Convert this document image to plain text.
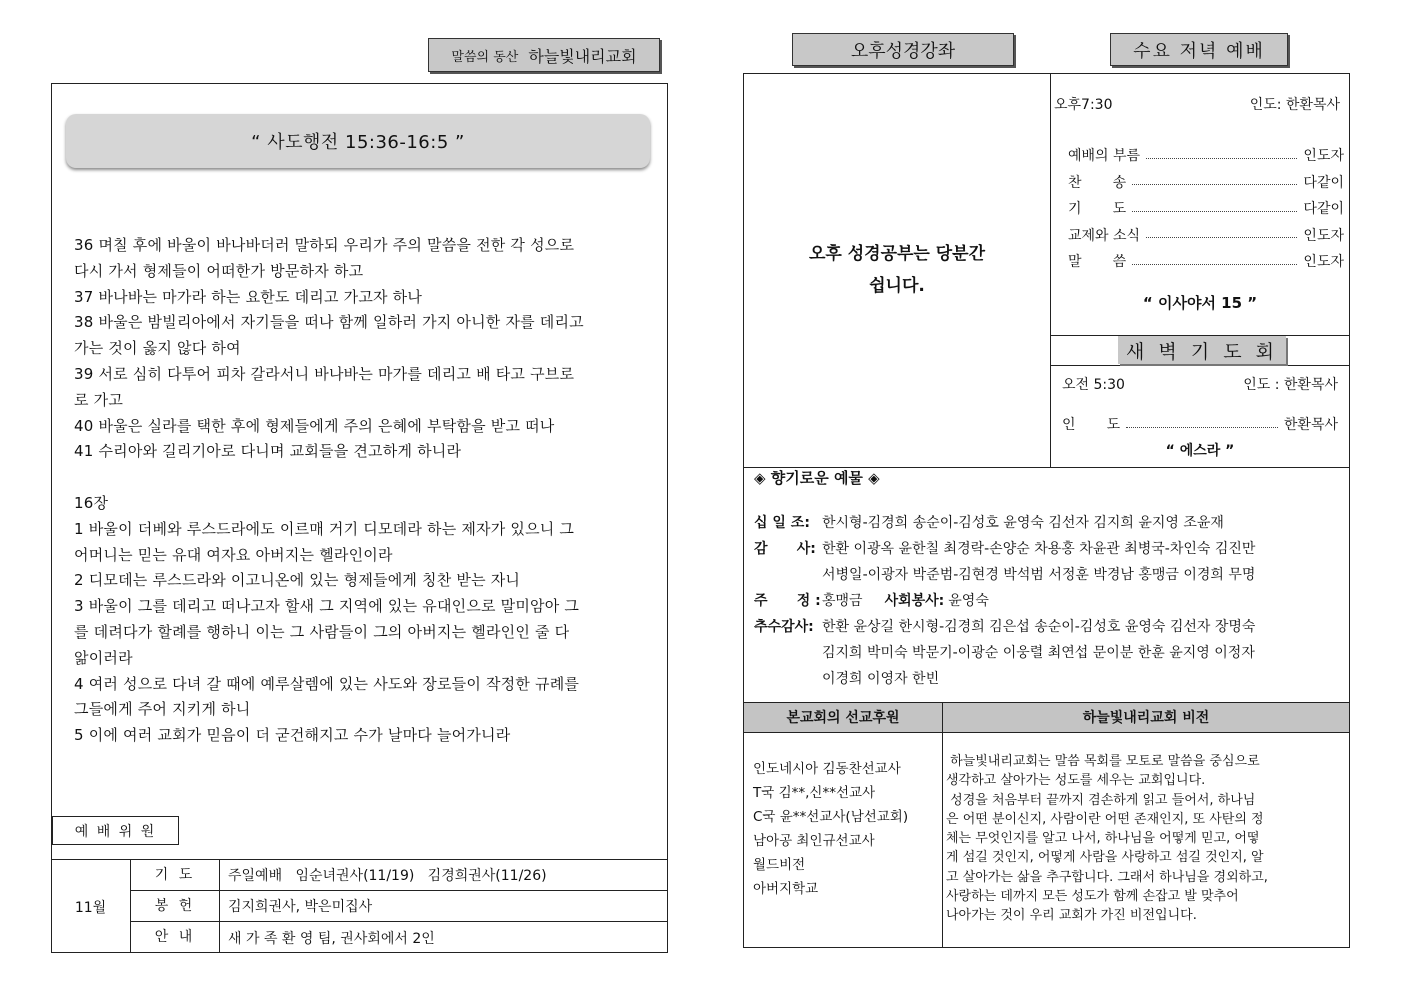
말씀의 동산 하늘빛내리교회
“ 사도행전 15:36-16:5 ”
36 며칠 후에 바울이 바나바더러 말하되 우리가 주의 말씀을 전한 각 성으로
다시 가서 형제들이 어떠한가 방문하자 하고
37 바나바는 마가라 하는 요한도 데리고 가고자 하나
38 바울은 밤빌리아에서 자기들을 떠나 함께 일하러 가지 아니한 자를 데리고
가는 것이 옳지 않다 하여
39 서로 심히 다투어 피차 갈라서니 바나바는 마가를 데리고 배 타고 구브로
로 가고
40 바울은 실라를 택한 후에 형제들에게 주의 은혜에 부탁함을 받고 떠나
41 수리아와 길리기아로 다니며 교회들을 견고하게 하니라
16장
1 바울이 더베와 루스드라에도 이르매 거기 디모데라 하는 제자가 있으니 그
어머니는 믿는 유대 여자요 아버지는 헬라인이라
2 디모데는 루스드라와 이고니온에 있는 형제들에게 칭찬 받는 자니
3 바울이 그를 데리고 떠나고자 할새 그 지역에 있는 유대인으로 말미암아 그
를 데려다가 할례를 행하니 이는 그 사람들이 그의 아버지는 헬라인인 줄 다
앎이러라
4 여러 성으로 다녀 갈 때에 예루살렘에 있는 사도와 장로들이 작정한 규례를
그들에게 주어 지키게 하니
5 이에 여러 교회가 믿음이 더 굳건해지고 수가 날마다 늘어가니라
예 배 위 원
11월
기 도	주일예배   임순녀권사(11/19)   김경희권사(11/26)
봉 헌	김지희권사, 박은미집사
안 내	새 가 족 환 영 팀, 권사회에서 2인
오후성경강좌	수요 저녁 예배
오후 성경공부는 당분간
쉽니다.
오후7:30	인도: 한환목사
예배의 부름	인도자
찬       송	다같이
기       도	다같이
교제와 소식	인도자
말       씀	인도자
“ 이사야서 15 ”
새 벽 기 도 회
오전 5:30	인도 : 한환목사
인       도	한환목사
“ 에스라 ”
◈ 향기로운 예물 ◈
십 일 조: 한시형-김경희 송순이-김성호 윤영숙 김선자 김지희 윤지영 조윤재
감      사: 한환 이광옥 윤한칠 최경락-손양순 차용홍 차윤관 최병국-차인숙 김진만
서병일-이광자 박준범-김현경 박석범 서정훈 박경남 홍맹금 이경희 무명
주      정 : 홍맹금 사회봉사: 윤영숙
추수감사: 한환 윤상길 한시형-김경희 김은섭 송순이-김성호 윤영숙 김선자 장명숙
김지희 박미숙 박문기-이광순 이웅렬 최연섭 문이분 한훈 윤지영 이정자
이경희 이영자 한빈
본교회의 선교후원	하늘빛내리교회 비전
인도네시아 김동찬선교사
T국 김**,신**선교사
C국 윤**선교사(남선교회)
남아공 최인규선교사
월드비전
아버지학교
하늘빛내리교회는 말씀 목회를 모토로 말씀을 중심으로
생각하고 살아가는 성도를 세우는 교회입니다.
성경을 처음부터 끝까지 겸손하게 읽고 들어서, 하나님
은 어떤 분이신지, 사람이란 어떤 존재인지, 또 사탄의 정
체는 무엇인지를 알고 나서, 하나님을 어떻게 믿고, 어떻
게 섬길 것인지, 어떻게 사람을 사랑하고 섬길 것인지, 알
고 살아가는 삶을 추구합니다. 그래서 하나님을 경외하고,
사랑하는 데까지 모든 성도가 함께 손잡고 발 맞추어
나아가는 것이 우리 교회가 가진 비전입니다.
